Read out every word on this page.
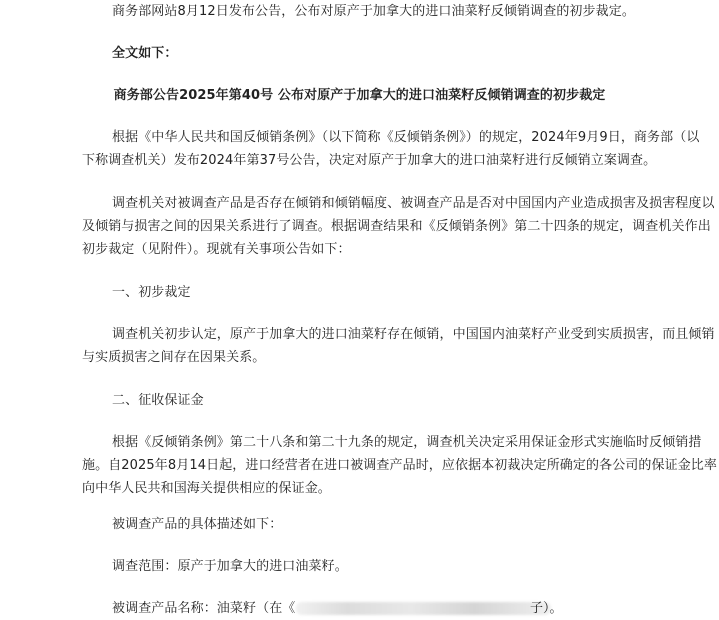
商务部网站8月12日发布公告，公布对原产于加拿大的进口油菜籽反倾销调查的初步裁定。
全文如下：
商务部公告2025年第40号 公布对原产于加拿大的进口油菜籽反倾销调查的初步裁定
根据《中华人民共和国反倾销条例》（以下简称《反倾销条例》）的规定，2024年9月9日，商务部（以
下称调查机关）发布2024年第37号公告，决定对原产于加拿大的进口油菜籽进行反倾销立案调查。
调查机关对被调查产品是否存在倾销和倾销幅度、被调查产品是否对中国国内产业造成损害及损害程度以
及倾销与损害之间的因果关系进行了调查。根据调查结果和《反倾销条例》第二十四条的规定，调查机关作出
初步裁定（见附件）。现就有关事项公告如下：
一、初步裁定
调查机关初步认定，原产于加拿大的进口油菜籽存在倾销，中国国内油菜籽产业受到实质损害，而且倾销
与实质损害之间存在因果关系。
二、征收保证金
根据《反倾销条例》第二十八条和第二十九条的规定，调查机关决定采用保证金形式实施临时反倾销措
施。自2025年8月14日起，进口经营者在进口被调查产品时，应依据本初裁决定所确定的各公司的保证金比率
向中华人民共和国海关提供相应的保证金。
被调查产品的具体描述如下：
调查范围：原产于加拿大的进口油菜籽。
被调查产品名称：油菜籽（在《	子）。
